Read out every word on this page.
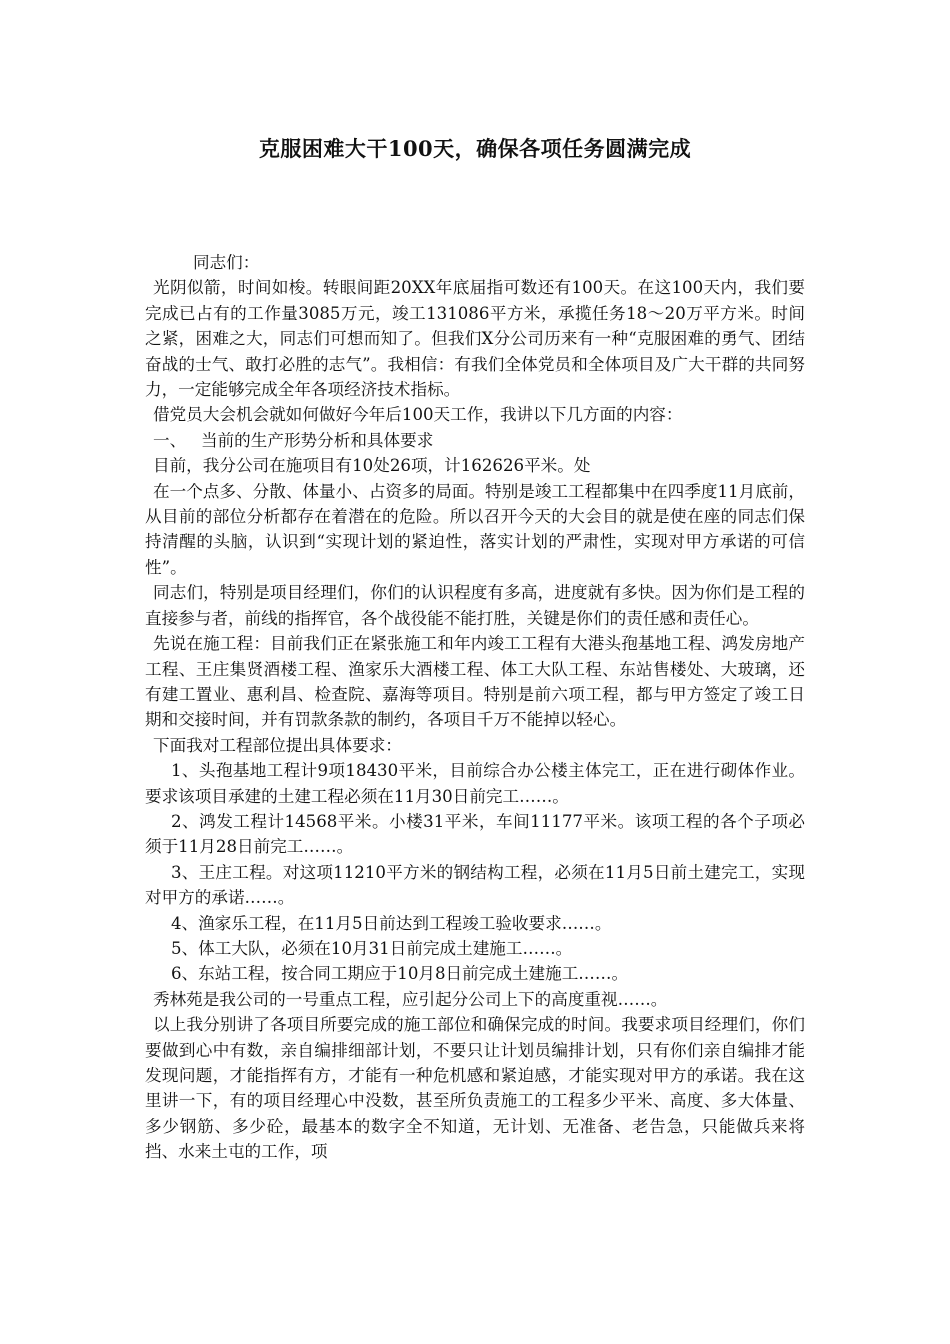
克服困难大干100天，确保各项任务圆满完成

同志们：

光阴似箭，时间如梭。转眼间距20XX年底届指可数还有100天。在这100天内，我们要完成已占有的工作量3085万元，竣工131086平方米，承揽任务18～20万平方米。时间之紧，困难之大，同志们可想而知了。但我们X分公司历来有一种“克服困难的勇气、团结奋战的士气、敢打必胜的志气”。我相信：有我们全体党员和全体项目及广大干群的共同努力，一定能够完成全年各项经济技术指标。

借党员大会机会就如何做好今年后100天工作，我讲以下几方面的内容：

一、 当前的生产形势分析和具体要求

目前，我分公司在施项目有10处26项，计162626平米。处

在一个点多、分散、体量小、占资多的局面。特别是竣工工程都集中在四季度11月底前，从目前的部位分析都存在着潜在的危险。所以召开今天的大会目的就是使在座的同志们保持清醒的头脑，认识到“实现计划的紧迫性，落实计划的严肃性，实现对甲方承诺的可信性”。

同志们，特别是项目经理们，你们的认识程度有多高，进度就有多快。因为你们是工程的直接参与者，前线的指挥官，各个战役能不能打胜，关键是你们的责任感和责任心。

先说在施工程：目前我们正在紧张施工和年内竣工工程有大港头孢基地工程、鸿发房地产工程、王庄集贤酒楼工程、渔家乐大酒楼工程、体工大队工程、东站售楼处、大玻璃，还有建工置业、惠利昌、检查院、嘉海等项目。特别是前六项工程，都与甲方签定了竣工日期和交接时间，并有罚款条款的制约，各项目千万不能掉以轻心。

下面我对工程部位提出具体要求：

1、头孢基地工程计9项18430平米，目前综合办公楼主体完工，正在进行砌体作业。要求该项目承建的土建工程必须在11月30日前完工……。

2、鸿发工程计14568平米。小楼31平米，车间11177平米。该项工程的各个子项必须于11月28日前完工……。

3、王庄工程。对这项11210平方米的钢结构工程，必须在11月5日前土建完工，实现对甲方的承诺……。

4、渔家乐工程，在11月5日前达到工程竣工验收要求……。

5、体工大队，必须在10月31日前完成土建施工……。

6、东站工程，按合同工期应于10月8日前完成土建施工……。

秀林苑是我公司的一号重点工程，应引起分公司上下的高度重视……。

以上我分别讲了各项目所要完成的施工部位和确保完成的时间。我要求项目经理们，你们要做到心中有数，亲自编排细部计划，不要只让计划员编排计划，只有你们亲自编排才能发现问题，才能指挥有方，才能有一种危机感和紧迫感，才能实现对甲方的承诺。我在这里讲一下，有的项目经理心中没数，甚至所负责施工的工程多少平米、高度、多大体量、多少钢筋、多少砼，最基本的数字全不知道，无计划、无准备、老告急，只能做兵来将挡、水来土屯的工作，项
